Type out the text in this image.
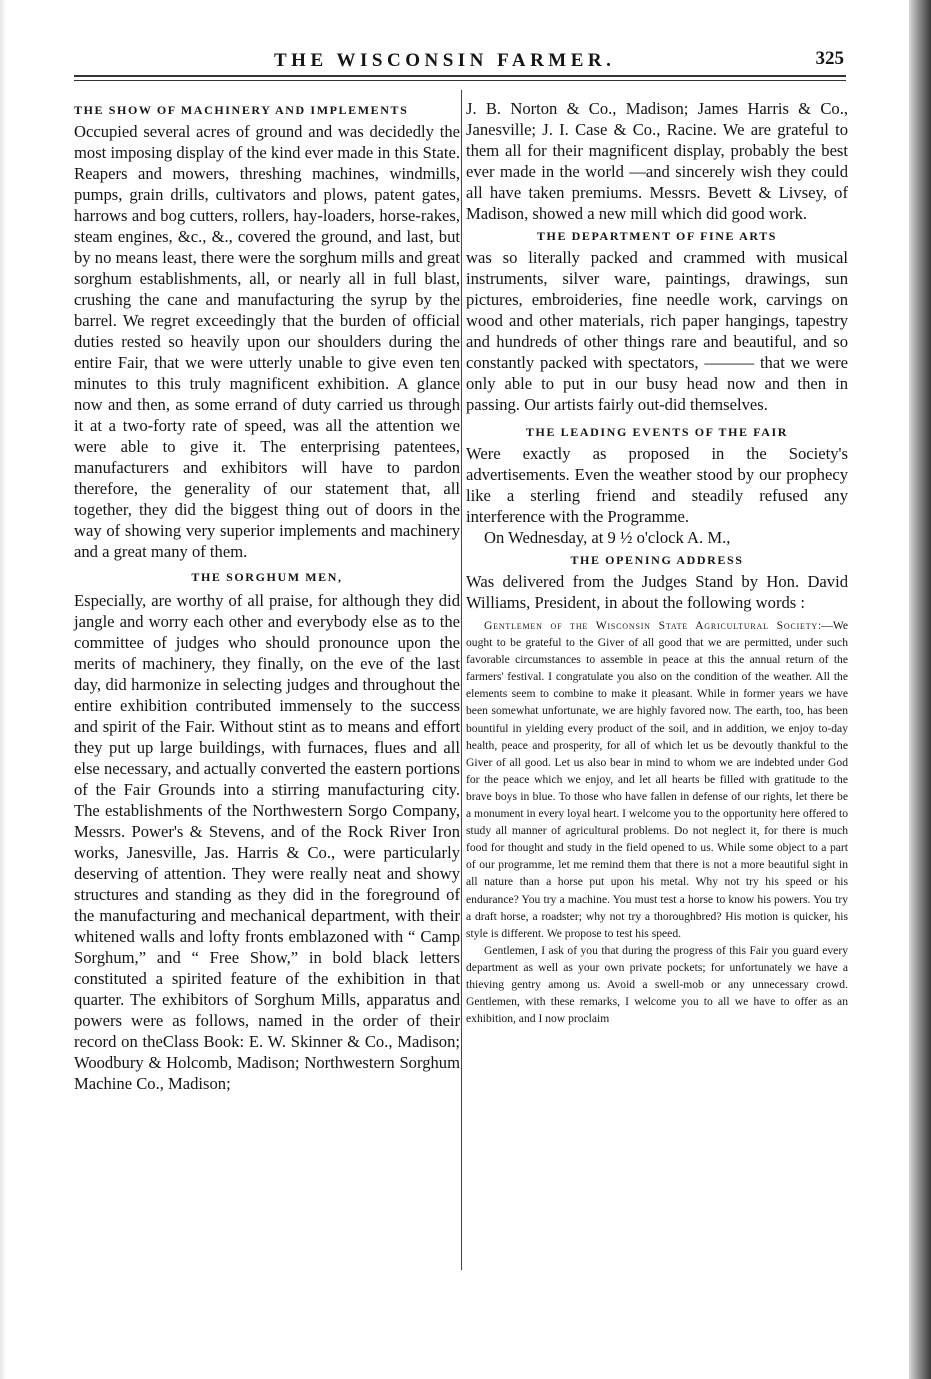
THE WISCONSIN FARMER.	325
THE SHOW OF MACHINERY AND IMPLEMENTS

Occupied several acres of ground and was decidedly the most imposing display of the kind ever made in this State. Reapers and mowers, threshing machines, windmills, pumps, grain drills, cultivators and plows, patent gates, harrows and bog cutters, rollers, hay-loaders, horse-rakes, steam engines, &c., &., covered the ground, and last, but by no means least, there were the sorghum mills and great sorghum establishments, all, or nearly all in full blast, crushing the cane and manufacturing the syrup by the barrel. We regret exceedingly that the burden of official duties rested so heavily upon our shoulders during the entire Fair, that we were utterly unable to give even ten minutes to this truly magnificent exhibition. A glance now and then, as some errand of duty carried us through it at a two-forty rate of speed, was all the attention we were able to give it. The enterprising patentees, manufacturers and exhibitors will have to pardon therefore, the generality of our statement that, all together, they did the biggest thing out of doors in the way of showing very superior implements and machinery and a great many of them.

THE SORGHUM MEN,

Especially, are worthy of all praise, for although they did jangle and worry each other and everybody else as to the committee of judges who should pronounce upon the merits of machinery, they finally, on the eve of the last day, did harmonize in selecting judges and throughout the entire exhibition contributed immensely to the success and spirit of the Fair. Without stint as to means and effort they put up large buildings, with furnaces, flues and all else necessary, and actually converted the eastern portions of the Fair Grounds into a stirring manufacturing city. The establishments of the Northwestern Sorgo Company, Messrs. Power's & Stevens, and of the Rock River Iron works, Janesville, Jas. Harris & Co., were particularly deserving of attention. They were really neat and showy structures and standing as they did in the foreground of the manufacturing and mechanical department, with their whitened walls and lofty fronts emblazoned with “ Camp Sorghum,” and “ Free Show,” in bold black letters constituted a spirited feature of the exhibition in that quarter. The exhibitors of Sorghum Mills, apparatus and powers were as follows, named in the order of their record on theClass Book: E. W. Skinner & Co., Madison; Woodbury & Holcomb, Madison; Northwestern Sorghum Machine Co., Madison;

J. B. Norton & Co., Madison; James Harris & Co., Janesville; J. I. Case & Co., Racine. We are grateful to them all for their magnificent display, probably the best ever made in the world —and sincerely wish they could all have taken premiums. Messrs. Bevett & Livsey, of Madison, showed a new mill which did good work.

THE DEPARTMENT OF FINE ARTS

was so literally packed and crammed with musical instruments, silver ware, paintings, drawings, sun pictures, embroideries, fine needle work, carvings on wood and other materials, rich paper hangings, tapestry and hundreds of other things rare and beautiful, and so constantly packed with spectators, ——— that we were only able to put in our busy head now and then in passing. Our artists fairly out-did themselves.

THE LEADING EVENTS OF THE FAIR

Were exactly as proposed in the Society's advertisements. Even the weather stood by our prophecy like a sterling friend and steadily refused any interference with the Programme.

On Wednesday, at 9 ½ o'clock A. M.,

THE OPENING ADDRESS

Was delivered from the Judges Stand by Hon. David Williams, President, in about the following words :

Gentlemen of the Wisconsin State Agricultural Society:—We ought to be grateful to the Giver of all good that we are permitted, under such favorable circumstances to assemble in peace at this the annual return of the farmers' festival. I congratulate you also on the condition of the weather. All the elements seem to combine to make it pleasant. While in former years we have been somewhat unfortunate, we are highly favored now. The earth, too, has been bountiful in yielding every product of the soil, and in addition, we enjoy to-day health, peace and prosperity, for all of which let us be devoutly thankful to the Giver of all good. Let us also bear in mind to whom we are indebted under God for the peace which we enjoy, and let all hearts be filled with gratitude to the brave boys in blue. To those who have fallen in defense of our rights, let there be a monument in every loyal heart. I welcome you to the opportunity here offered to study all manner of agricultural problems. Do not neglect it, for there is much food for thought and study in the field opened to us. While some object to a part of our programme, let me remind them that there is not a more beautiful sight in all nature than a horse put upon his metal. Why not try his speed or his endurance? You try a machine. You must test a horse to know his powers. You try a draft horse, a roadster; why not try a thoroughbred? His motion is quicker, his style is different. We propose to test his speed.

Gentlemen, I ask of you that during the progress of this Fair you guard every department as well as your own private pockets; for unfortunately we have a thieving gentry among us. Avoid a swell-mob or any unnecessary crowd. Gentlemen, with these remarks, I welcome you to all we have to offer as an exhibition, and I now proclaim
